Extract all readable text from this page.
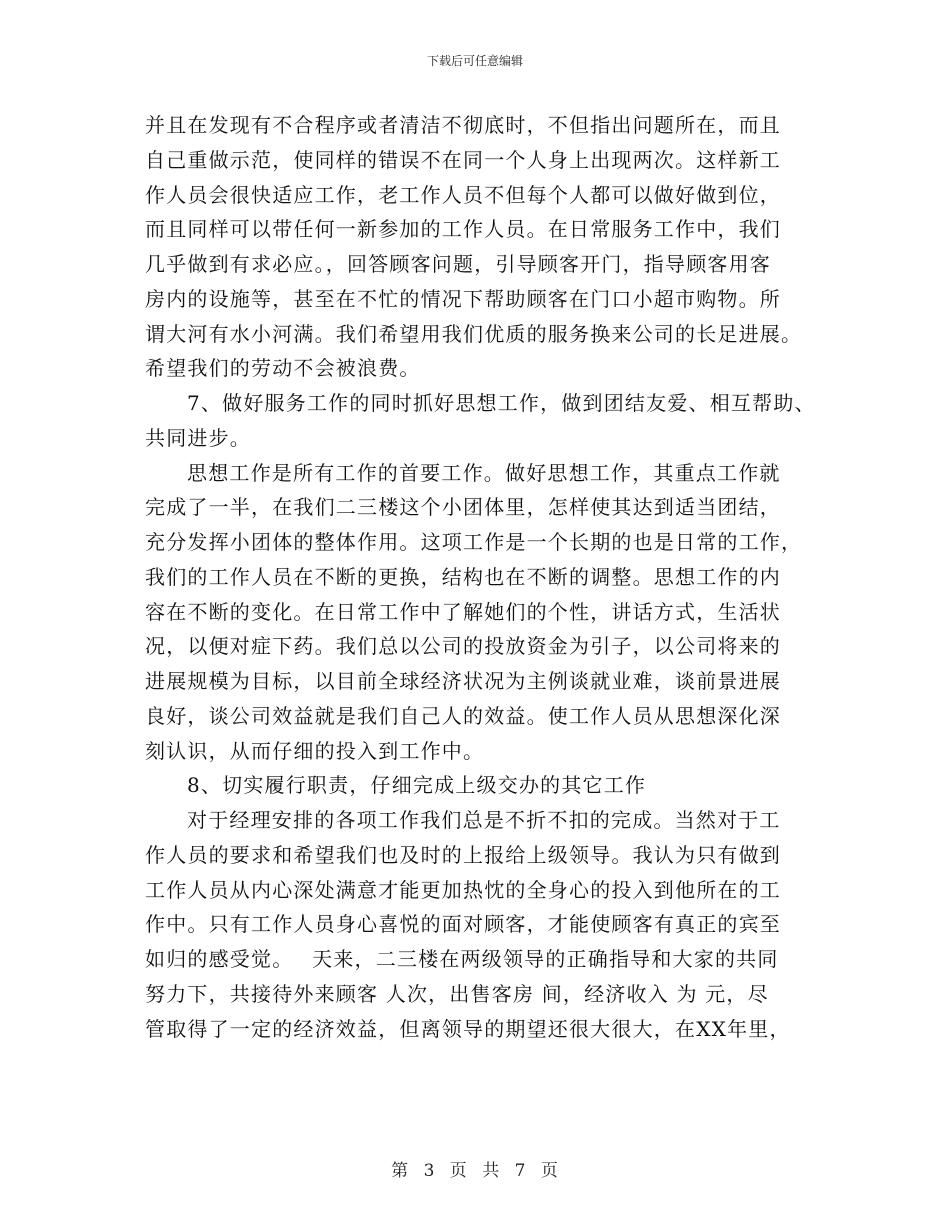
下载后可任意编辑
并且在发现有不合程序或者清洁不彻底时，不但指出问题所在，而且
自己重做示范，使同样的错误不在同一个人身上出现两次。这样新工
作人员会很快适应工作，老工作人员不但每个人都可以做好做到位，
而且同样可以带任何一新参加的工作人员。在日常服务工作中，我们
几乎做到有求必应。，回答顾客问题，引导顾客开门，指导顾客用客
房内的设施等，甚至在不忙的情况下帮助顾客在门口小超市购物。所
谓大河有水小河满。我们希望用我们优质的服务换来公司的长足进展。
希望我们的劳动不会被浪费。
7、做好服务工作的同时抓好思想工作，做到团结友爱、相互帮助、
共同进步。
思想工作是所有工作的首要工作。做好思想工作，其重点工作就
完成了一半，在我们二三楼这个小团体里，怎样使其达到适当团结，
充分发挥小团体的整体作用。这项工作是一个长期的也是日常的工作，
我们的工作人员在不断的更换，结构也在不断的调整。思想工作的内
容在不断的变化。在日常工作中了解她们的个性，讲话方式，生活状
况，以便对症下药。我们总以公司的投放资金为引子，以公司将来的
进展规模为目标，以目前全球经济状况为主例谈就业难，谈前景进展
良好，谈公司效益就是我们自己人的效益。使工作人员从思想深化深
刻认识，从而仔细的投入到工作中。
8、切实履行职责，仔细完成上级交办的其它工作
对于经理安排的各项工作我们总是不折不扣的完成。当然对于工
作人员的要求和希望我们也及时的上报给上级领导。我认为只有做到
工作人员从内心深处满意才能更加热忱的全身心的投入到他所在的工
作中。只有工作人员身心喜悦的面对顾客，才能使顾客有真正的宾至
如归的感受觉。　 天来，二三楼在两级领导的正确指导和大家的共同
努力下，共接待外来顾客 人次，出售客房 间，经济收入 为 元，尽
管取得了一定的经济效益，但离领导的期望还很大很大，在XX年里，
第 3 页 共 7 页
